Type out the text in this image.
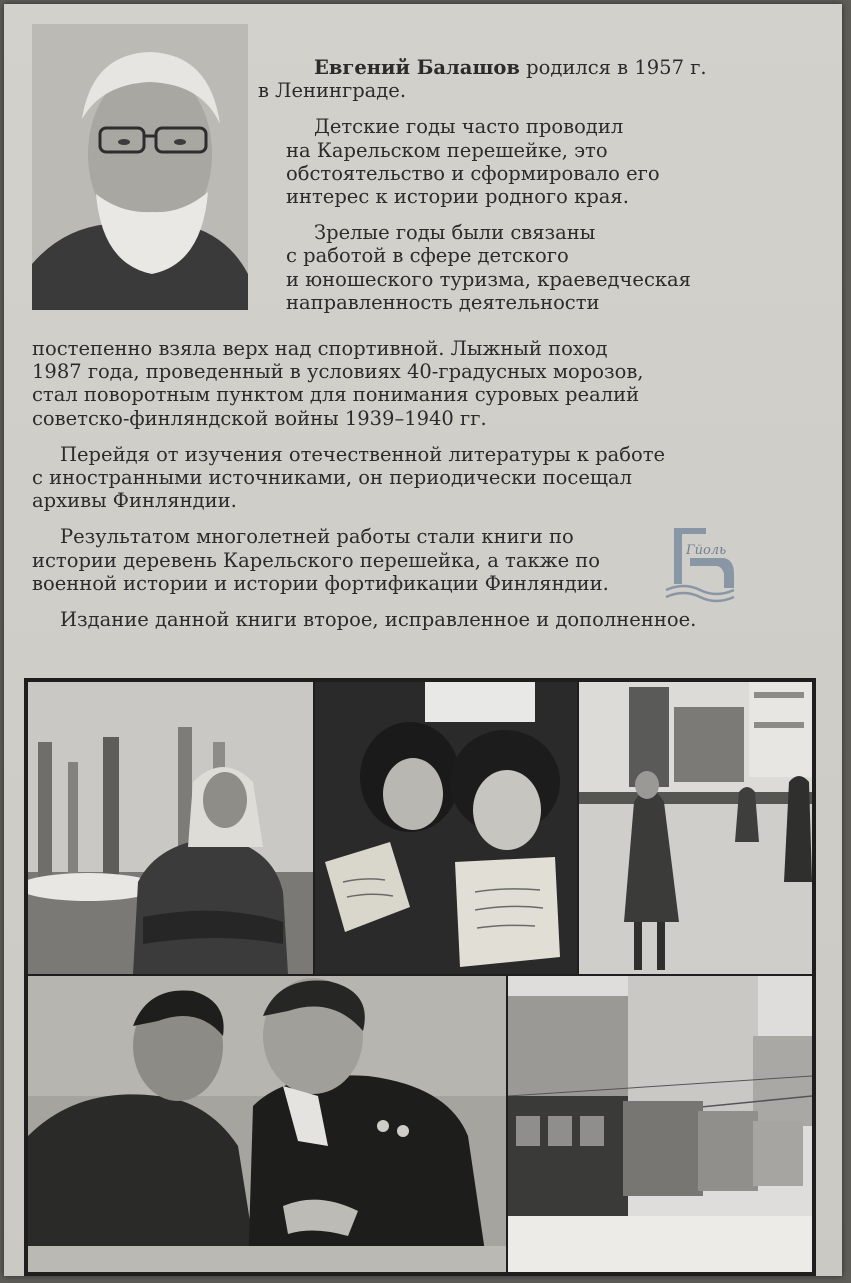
Евгений Балашов родился в 1957 г.
в Ленинграде.

Детские годы часто проводил
на Карельском перешейке, это
обстоятельство и сформировало его
интерес к истории родного края.

Зрелые годы были связаны
с работой в сфере детского
и юношеского туризма, краеведческая
направленность деятельности

постепенно взяла верх над спортивной. Лыжный поход
1987 года, проведенный в условиях 40-градусных морозов,
стал поворотным пунктом для понимания суровых реалий
советско-финляндской войны 1939–1940 гг.

Перейдя от изучения отечественной литературы к работе
с иностранными источниками, он периодически посещал
архивы Финляндии.

Результатом многолетней работы стали книги по
истории деревень Карельского перешейка, а также по
военной истории и истории фортификации Финляндии.

Издание данной книги второе, исправленное и дополненное.

Гйоль
